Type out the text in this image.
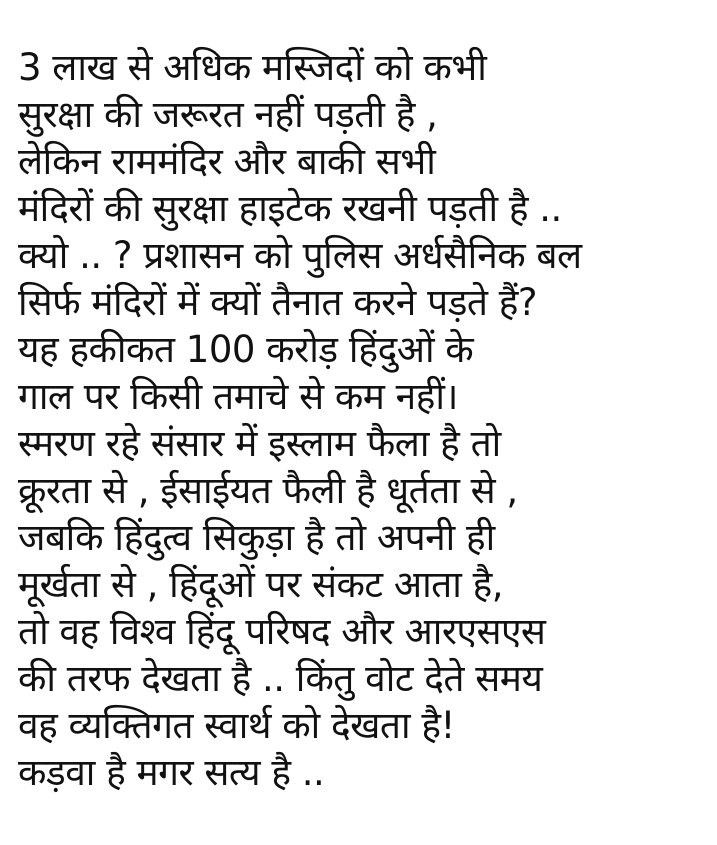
3 लाख से अधिक मस्जिदों को कभी
सुरक्षा की जरूरत नहीं पड़ती है ,
लेकिन राममंदिर और बाकी सभी
मंदिरों की सुरक्षा हाइटेक रखनी पड़ती है ..
क्यो .. ? प्रशासन को पुलिस अर्धसैनिक बल
सिर्फ मंदिरों में क्यों तैनात करने पड़ते हैं?
यह हकीकत 100 करोड़ हिंदुओं के
गाल पर किसी तमाचे से कम नहीं।
स्मरण रहे संसार में इस्लाम फैला है तो
क्रूरता से , ईसाईयत फैली है धूर्तता से ,
जबकि हिंदुत्व सिकुड़ा है तो अपनी ही
मूर्खता से , हिंदूओं पर संकट आता है,
तो वह विश्व हिंदू परिषद और आरएसएस
की तरफ देखता है .. किंतु वोट देते समय
वह व्यक्तिगत स्वार्थ को देखता है!
कड़वा है मगर सत्य है ..
